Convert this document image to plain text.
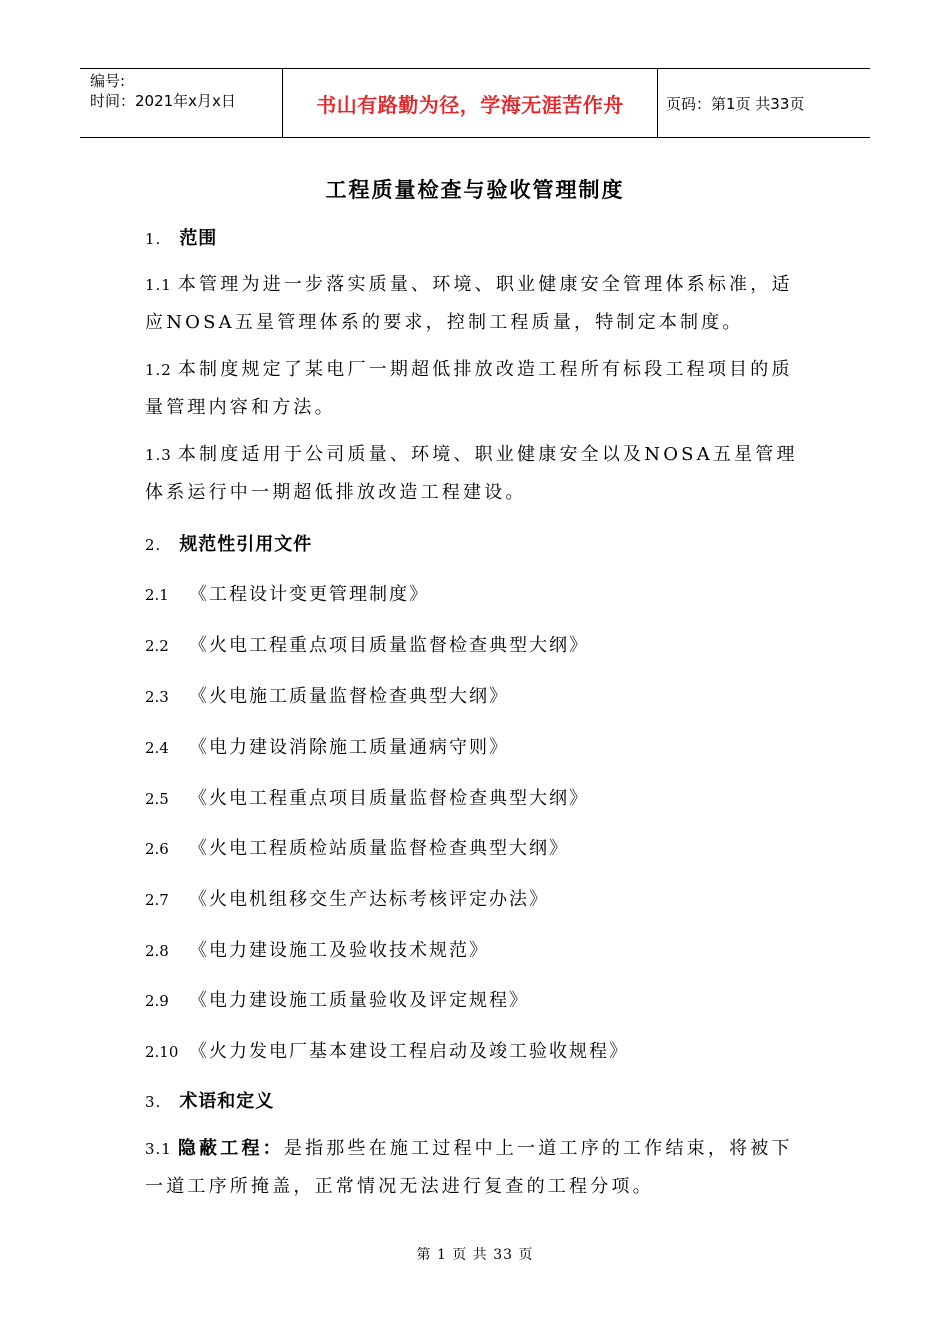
编号:
时间：2021年x月x日	书山有路勤为径，学海无涯苦作舟	页码：第1页 共33页
工程质量检查与验收管理制度
1. 范围
1.1 本管理为进一步落实质量、环境、职业健康安全管理体系标准，适应NOSA五星管理体系的要求，控制工程质量，特制定本制度。
1.2 本制度规定了某电厂一期超低排放改造工程所有标段工程项目的质量管理内容和方法。
1.3 本制度适用于公司质量、环境、职业健康安全以及NOSA五星管理体系运行中一期超低排放改造工程建设。
2. 规范性引用文件
2.1 《工程设计变更管理制度》
2.2 《火电工程重点项目质量监督检查典型大纲》
2.3 《火电施工质量监督检查典型大纲》
2.4 《电力建设消除施工质量通病守则》
2.5 《火电工程重点项目质量监督检查典型大纲》
2.6 《火电工程质检站质量监督检查典型大纲》
2.7 《火电机组移交生产达标考核评定办法》
2.8 《电力建设施工及验收技术规范》
2.9 《电力建设施工质量验收及评定规程》
2.10 《火力发电厂基本建设工程启动及竣工验收规程》
3. 术语和定义
3.1 隐蔽工程：是指那些在施工过程中上一道工序的工作结束，将被下一道工序所掩盖，正常情况无法进行复查的工程分项。
第 1 页 共 33 页
